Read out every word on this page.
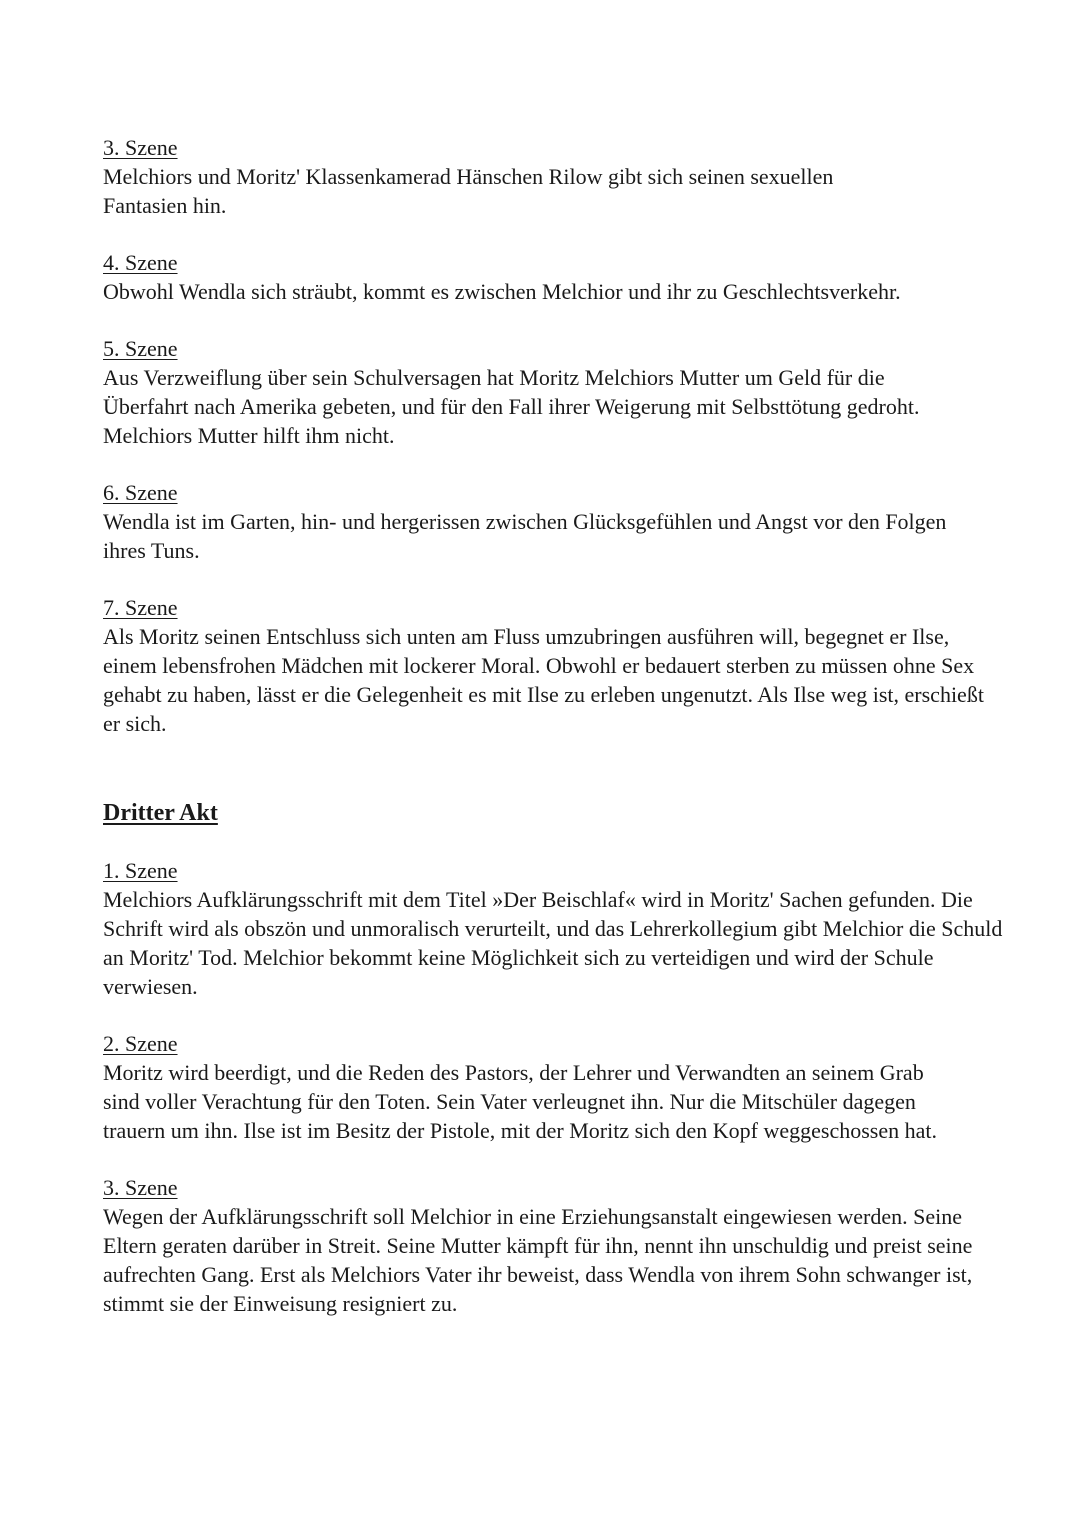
3. Szene

Melchiors und Moritz' Klassenkamerad Hänschen Rilow gibt sich seinen sexuellen Fantasien hin.

4. Szene

Obwohl Wendla sich sträubt, kommt es zwischen Melchior und ihr zu Geschlechtsverkehr.

5. Szene

Aus Verzweiflung über sein Schulversagen hat Moritz Melchiors Mutter um Geld für die Überfahrt nach Amerika gebeten, und für den Fall ihrer Weigerung mit Selbsttötung gedroht. Melchiors Mutter hilft ihm nicht.

6. Szene

Wendla ist im Garten, hin- und hergerissen zwischen Glücksgefühlen und Angst vor den Folgen ihres Tuns.

7. Szene

Als Moritz seinen Entschluss sich unten am Fluss umzubringen ausführen will, begegnet er Ilse, einem lebensfrohen Mädchen mit lockerer Moral. Obwohl er bedauert sterben zu müssen ohne Sex gehabt zu haben, lässt er die Gelegenheit es mit Ilse zu erleben ungenutzt. Als Ilse weg ist, erschießt er sich.

Dritter Akt
1. Szene

Melchiors Aufklärungsschrift mit dem Titel »Der Beischlaf« wird in Moritz' Sachen gefunden. Die Schrift wird als obszön und unmoralisch verurteilt, und das Lehrerkollegium gibt Melchior die Schuld an Moritz' Tod. Melchior bekommt keine Möglichkeit sich zu verteidigen und wird der Schule verwiesen.

2. Szene

Moritz wird beerdigt, und die Reden des Pastors, der Lehrer und Verwandten an seinem Grab sind voller Verachtung für den Toten. Sein Vater verleugnet ihn. Nur die Mitschüler dagegen trauern um ihn. Ilse ist im Besitz der Pistole, mit der Moritz sich den Kopf weggeschossen hat.

3. Szene

Wegen der Aufklärungsschrift soll Melchior in eine Erziehungsanstalt eingewiesen werden. Seine Eltern geraten darüber in Streit. Seine Mutter kämpft für ihn, nennt ihn unschuldig und preist seine aufrechten Gang. Erst als Melchiors Vater ihr beweist, dass Wendla von ihrem Sohn schwanger ist, stimmt sie der Einweisung resigniert zu.
